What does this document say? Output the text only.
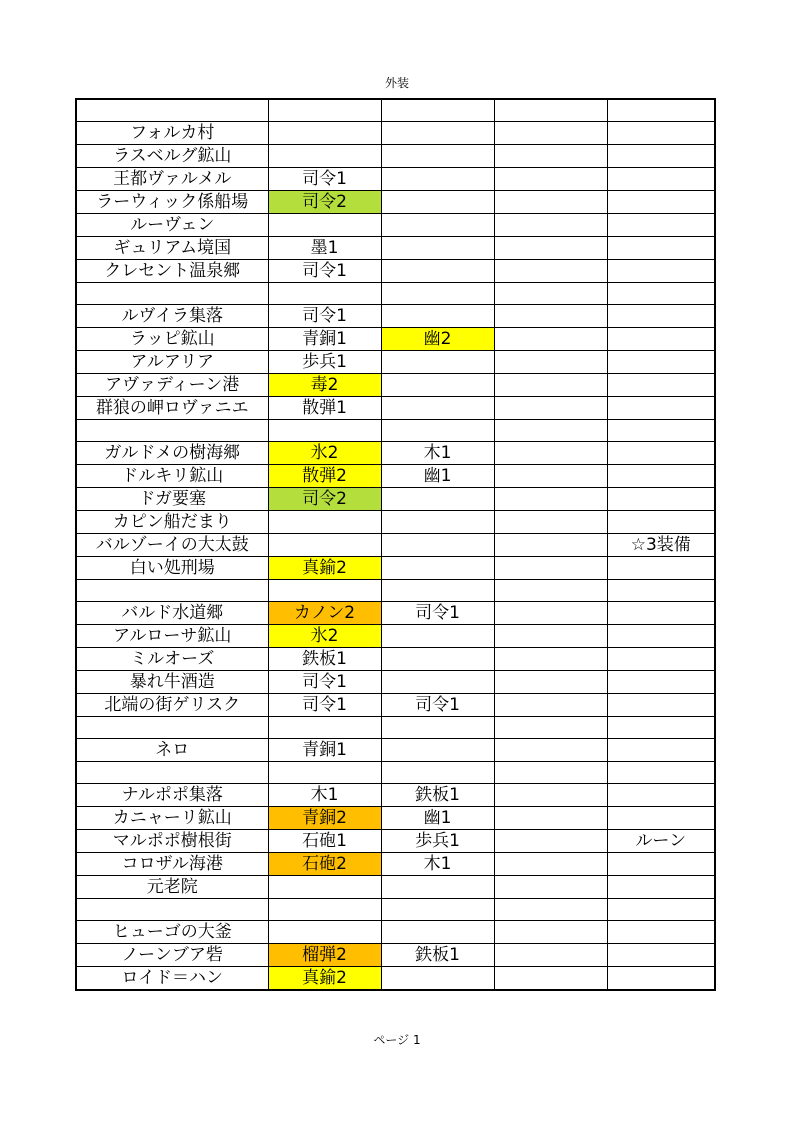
外装

フォルカ村				
ラスベルグ鉱山				
王都ヴァルメル	司令1			
ラーウィック係船場	司令2			
ルーヴェン				
ギュリアム境国	墨1			
クレセント温泉郷	司令1			

ルヴイラ集落	司令1			
ラッピ鉱山	青銅1	幽2		
アルアリア	歩兵1			
アヴァディーン港	毒2			
群狼の岬ロヴァニエ	散弾1			

ガルドメの樹海郷	氷2	木1		
ドルキリ鉱山	散弾2	幽1		
ドガ要塞	司令2			
カピン船だまり				
バルゾーイの大太鼓				☆3装備
白い処刑場	真鍮2			

バルド水道郷	カノン2	司令1		
アルローサ鉱山	氷2			
ミルオーズ	鉄板1			
暴れ牛酒造	司令1			
北端の街ゲリスク	司令1	司令1		

ネロ	青銅1			

ナルポポ集落	木1	鉄板1		
カニャーリ鉱山	青銅2	幽1		
マルポポ樹根街	石砲1	歩兵1		ルーン
コロザル海港	石砲2	木1		
元老院				

ヒューゴの大釜				
ノーンブア砦	榴弾2	鉄板1		
ロイド＝ハン	真鍮2			
ページ 1
